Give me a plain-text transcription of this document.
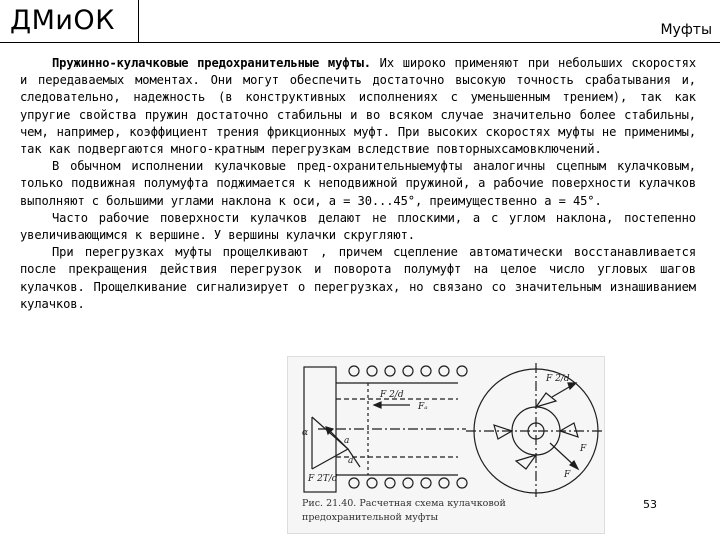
ДМиОК	Муфты

Пружинно-кулачковые предохранительные муфты. Их широко применяют при небольших скоростях и передаваемых моментах. Они могут обеспечить достаточно высокую точность срабатывания и, следовательно, надежность (в конструктивных исполнениях с уменьшенным трением), так как упругие свойства пружин достаточно стабильны и во всяком случае значительно более стабильны, чем, например, коэффициент трения фрикционных муфт. При высоких скоростях муфты не применимы, так как подвергаются много-кратным перегрузкам вследствие повторныхсамовключений.

В обычном исполнении кулачковые пред-охранительныемуфты аналогичны сцепным кулачковым, только подвижная полумуфта поджимается к неподвижной пружиной, а рабочие поверхности кулачков выполняют с большими углами наклона к оси, а = 30...45°, преимущественно а = 45°.

Часто рабочие поверхности кулачков делают не плоскими, а с углом наклона, постепенно увеличивающимся к вершине. У вершины кулачки скругляют.

При перегрузках муфты прощелкивают , причем сцепление автоматически восстанавливается после прекращения действия перегрузок и поворота полумуфт на целое число угловых шагов кулачков. Прощелкивание сигнализирует о перегрузках, но связано со значительным изнашиванием кулачков.

α
F 2/d
F 2T/d
Fₐ
a
a
F 2/d
F
F
Рис. 21.40. Расчетная схема кулачковой предохранительной муфты
53
